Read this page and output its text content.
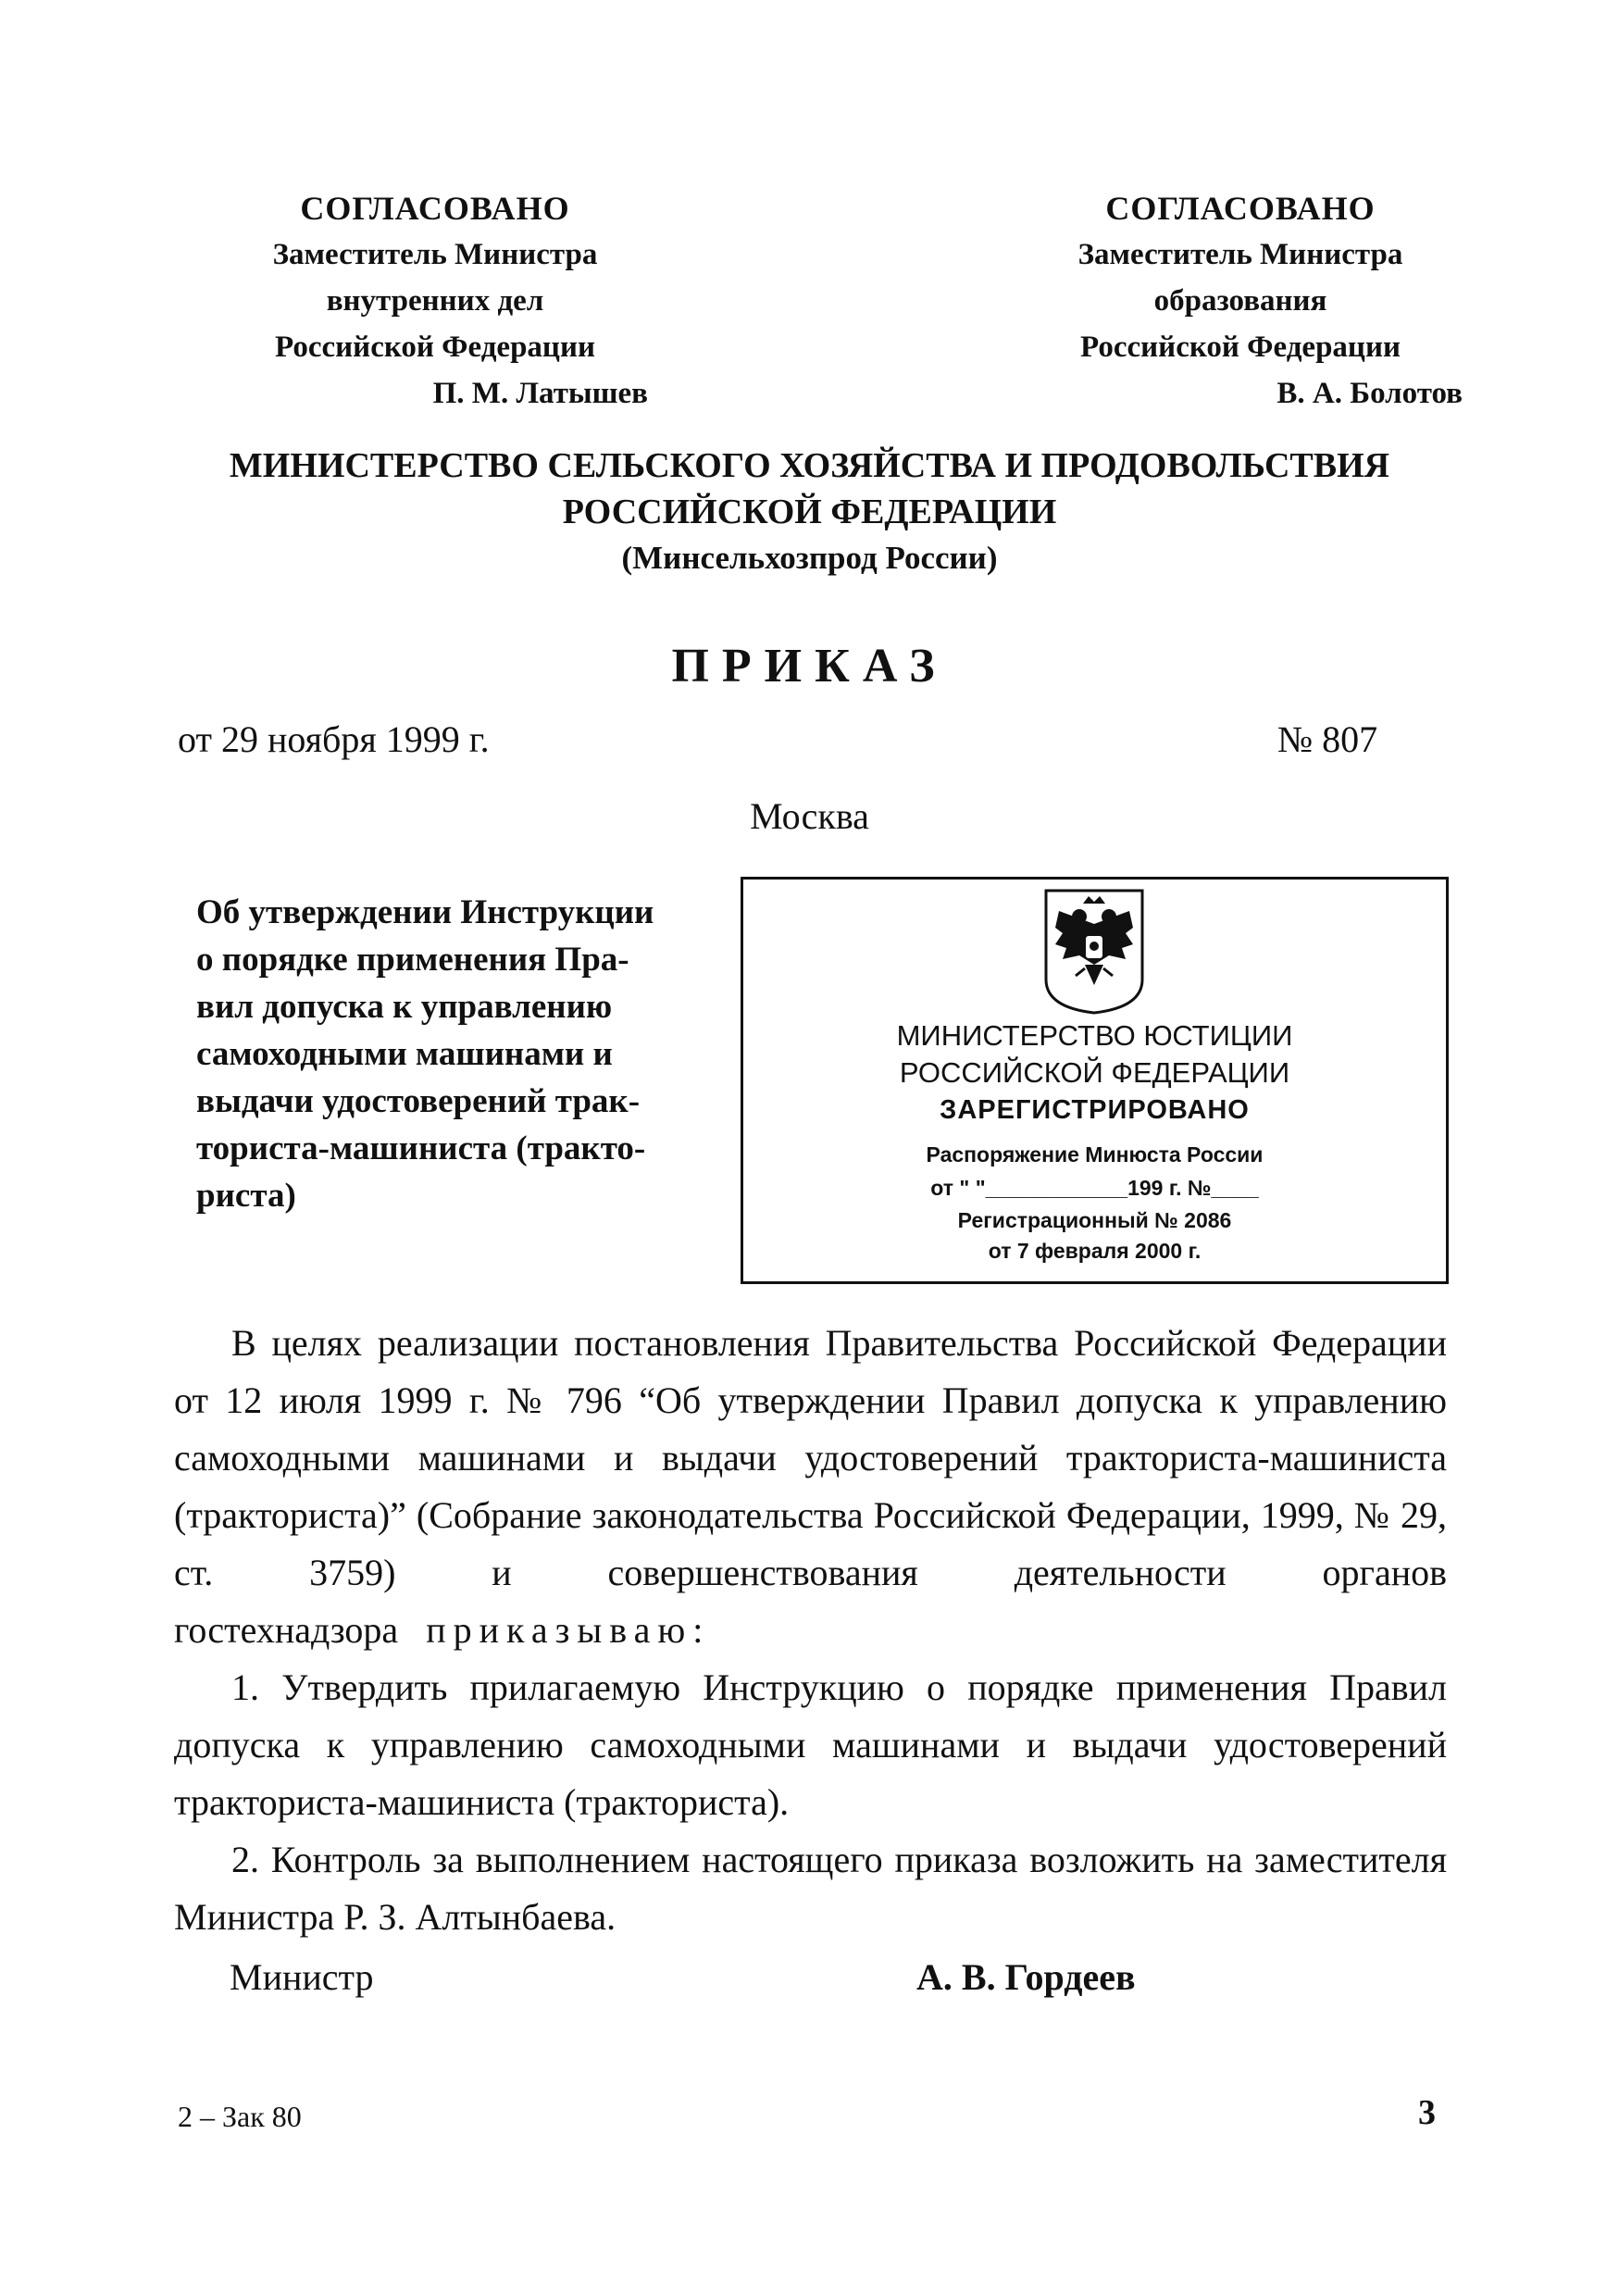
СОГЛАСОВАНО
Заместитель Министра
внутренних дел
Российской Федерации
П. М. Латышев
СОГЛАСОВАНО
Заместитель Министра
образования
Российской Федерации
В. А. Болотов
МИНИСТЕРСТВО СЕЛЬСКОГО ХОЗЯЙСТВА И ПРОДОВОЛЬСТВИЯ
РОССИЙСКОЙ ФЕДЕРАЦИИ
(Минсельхозпрод России)
ПРИКАЗ
от 29 ноября 1999 г.	№ 807
Москва
Об утверждении Инструкции
о порядке применения Пра-
вил допуска к управлению
самоходными машинами и
выдачи удостоверений трак-
ториста-машиниста (тракто-
риста)
МИНИСТЕРСТВО ЮСТИЦИИ
РОССИЙСКОЙ ФЕДЕРАЦИИ
ЗАРЕГИСТРИРОВАНО
Распоряжение Минюста России
от " "____________199 г. №____
Регистрационный № 2086
от 7 февраля 2000 г.

В целях реализации постановления Правительства Российской Федерации от 12 июля 1999 г. № 796 “Об утверждении Правил допуска к управлению самоходными машинами и выдачи удостоверений тракториста-машиниста (тракториста)” (Собрание законодательства Российской Федерации, 1999, № 29, ст. 3759) и совершенствования деятельности органов гостехнадзора приказываю:

1. Утвердить прилагаемую Инструкцию о порядке применения Правил допуска к управлению самоходными машинами и выдачи удостоверений тракториста-машиниста (тракториста).

2. Контроль за выполнением настоящего приказа возложить на заместителя Министра Р. З. Алтынбаева.

Министр	А. В. Гордеев
2 – Зак 80	3
